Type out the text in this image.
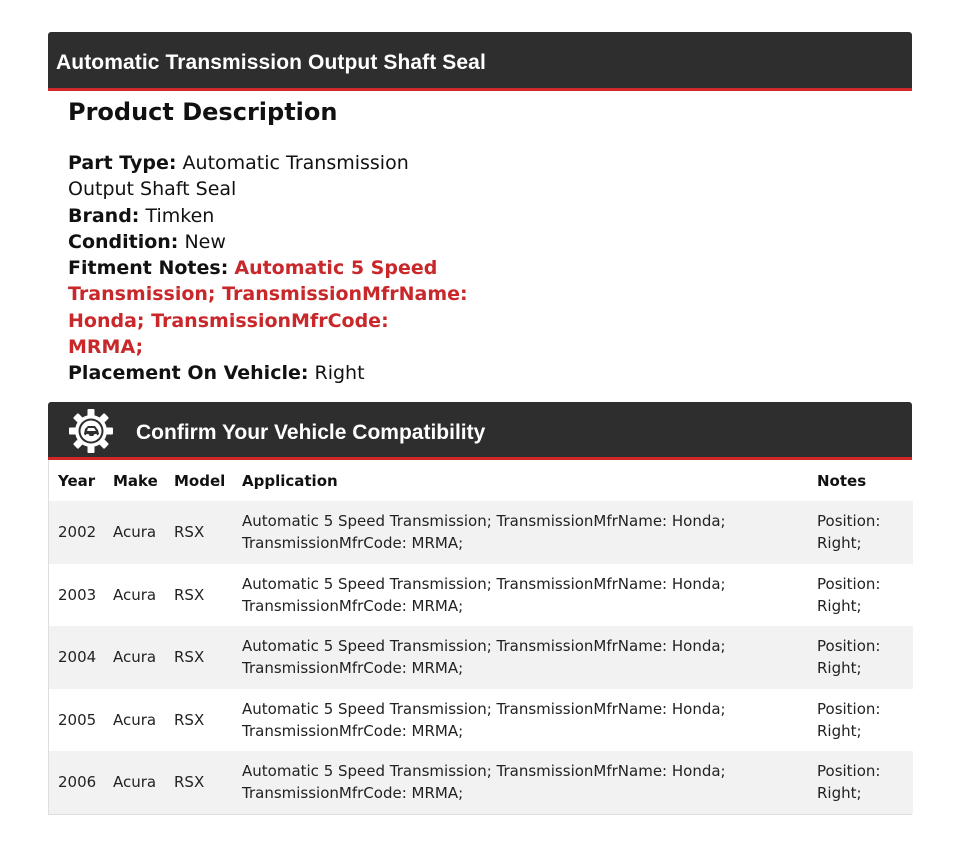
Automatic Transmission Output Shaft Seal
Product Description
Part Type: Automatic Transmission Output Shaft Seal
Brand: Timken
Condition: New
Fitment Notes: Automatic 5 Speed Transmission; TransmissionMfrName: Honda; TransmissionMfrCode: MRMA;
Placement On Vehicle: Right
Confirm Your Vehicle Compatibility
Year	Make	Model	Application	Notes
2002	Acura	RSX	Automatic 5 Speed Transmission; TransmissionMfrName: Honda; TransmissionMfrCode: MRMA;	Position: Right;
2003	Acura	RSX	Automatic 5 Speed Transmission; TransmissionMfrName: Honda; TransmissionMfrCode: MRMA;	Position: Right;
2004	Acura	RSX	Automatic 5 Speed Transmission; TransmissionMfrName: Honda; TransmissionMfrCode: MRMA;	Position: Right;
2005	Acura	RSX	Automatic 5 Speed Transmission; TransmissionMfrName: Honda; TransmissionMfrCode: MRMA;	Position: Right;
2006	Acura	RSX	Automatic 5 Speed Transmission; TransmissionMfrName: Honda; TransmissionMfrCode: MRMA;	Position: Right;
